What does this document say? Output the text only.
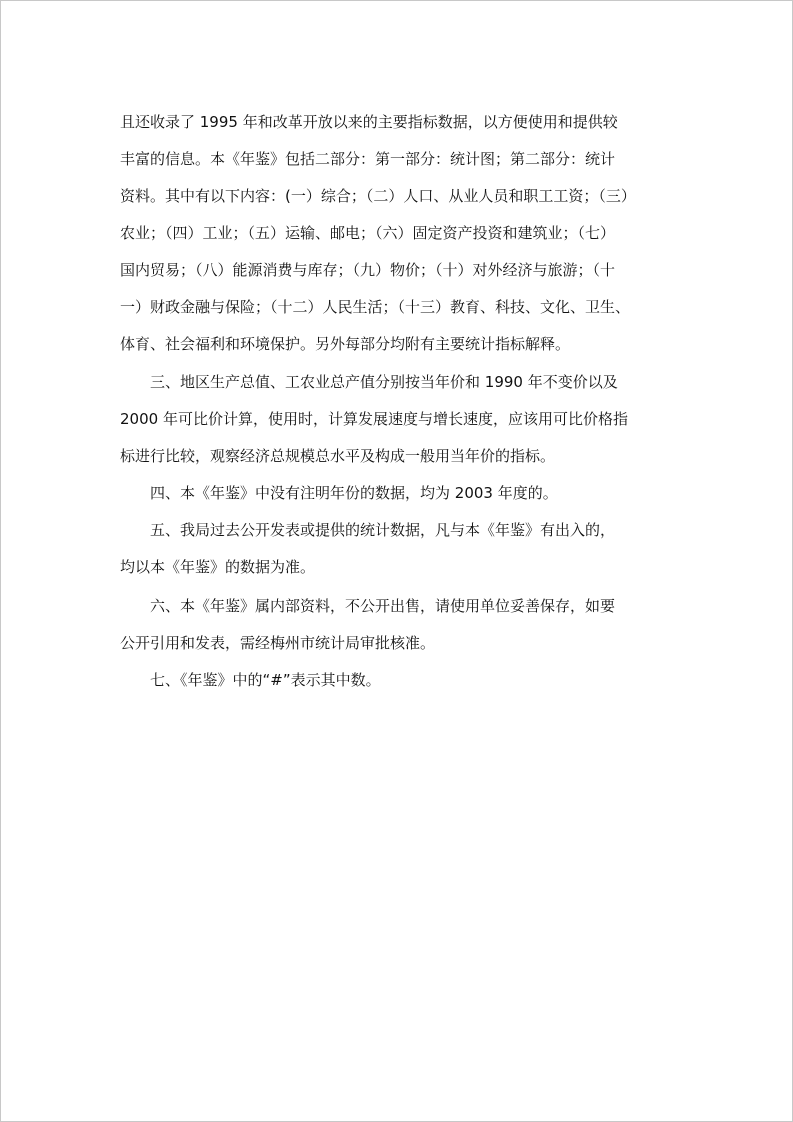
且还收录了 1995 年和改革开放以来的主要指标数据，以方便使用和提供较

丰富的信息。本《年鉴》包括二部分：第一部分：统计图；第二部分：统计

资料。其中有以下内容：(一）综合；（二）人口、从业人员和职工工资；（三）

农业；（四）工业；（五）运输、邮电；（六）固定资产投资和建筑业；（七）

国内贸易；（八）能源消费与库存；（九）物价；（十）对外经济与旅游；（十

一）财政金融与保险；（十二）人民生活；（十三）教育、科技、文化、卫生、

体育、社会福利和环境保护。另外每部分均附有主要统计指标解释。

三、地区生产总值、工农业总产值分别按当年价和 1990 年不变价以及

2000 年可比价计算，使用时，计算发展速度与增长速度，应该用可比价格指

标进行比较，观察经济总规模总水平及构成一般用当年价的指标。

四、本《年鉴》中没有注明年份的数据，均为 2003 年度的。

五、我局过去公开发表或提供的统计数据，凡与本《年鉴》有出入的，

均以本《年鉴》的数据为准。

六、本《年鉴》属内部资料，不公开出售，请使用单位妥善保存，如要

公开引用和发表，需经梅州市统计局审批核准。

七、《年鉴》中的“#”表示其中数。
